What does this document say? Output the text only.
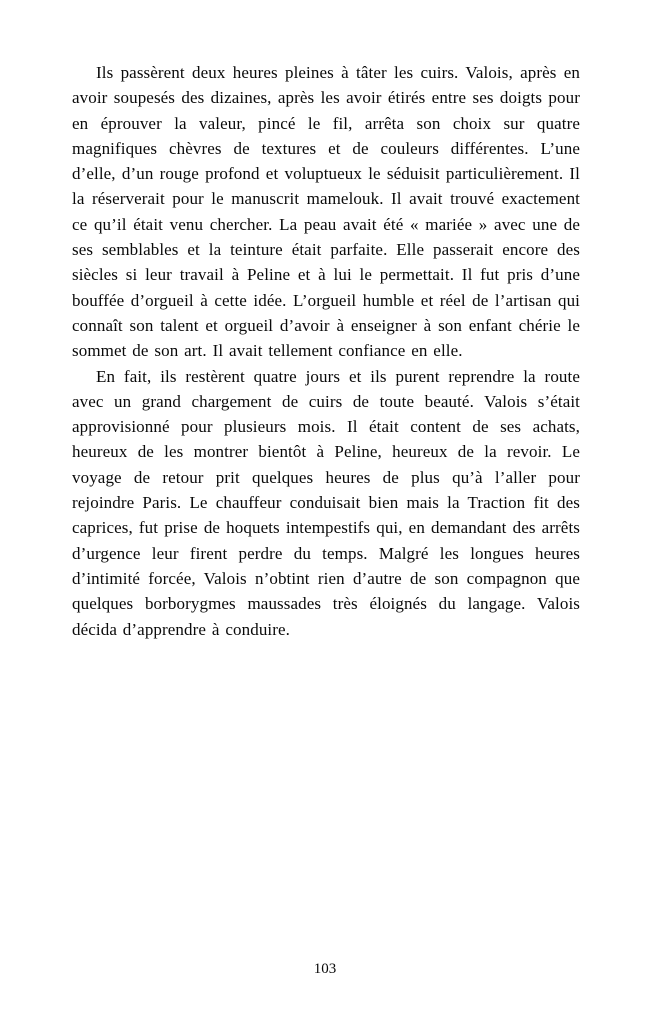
Ils passèrent deux heures pleines à tâter les cuirs. Valois, après en avoir soupesés des dizaines, après les avoir étirés entre ses doigts pour en éprouver la valeur, pincé le fil, arrêta son choix sur quatre magnifiques chèvres de textures et de couleurs différentes. L’une d’elle, d’un rouge profond et voluptueux le séduisit particulièrement. Il la réserverait pour le manuscrit mamelouk. Il avait trouvé exactement ce qu’il était venu chercher. La peau avait été « mariée » avec une de ses semblables et la teinture était parfaite. Elle passerait encore des siècles si leur travail à Peline et à lui le permettait. Il fut pris d’une bouffée d’orgueil à cette idée. L’orgueil humble et réel de l’artisan qui connaît son talent et orgueil d’avoir à enseigner à son enfant chérie le sommet de son art. Il avait tellement confiance en elle.

En fait, ils restèrent quatre jours et ils purent reprendre la route avec un grand chargement de cuirs de toute beauté. Valois s’était approvisionné pour plusieurs mois. Il était content de ses achats, heureux de les montrer bientôt à Peline, heureux de la revoir. Le voyage de retour prit quelques heures de plus qu’à l’aller pour rejoindre Paris. Le chauffeur conduisait bien mais la Traction fit des caprices, fut prise de hoquets intempestifs qui, en demandant des arrêts d’urgence leur firent perdre du temps. Malgré les longues heures d’intimité forcée, Valois n’obtint rien d’autre de son compagnon que quelques borborygmes maussades très éloignés du langage. Valois décida d’apprendre à conduire.

103
